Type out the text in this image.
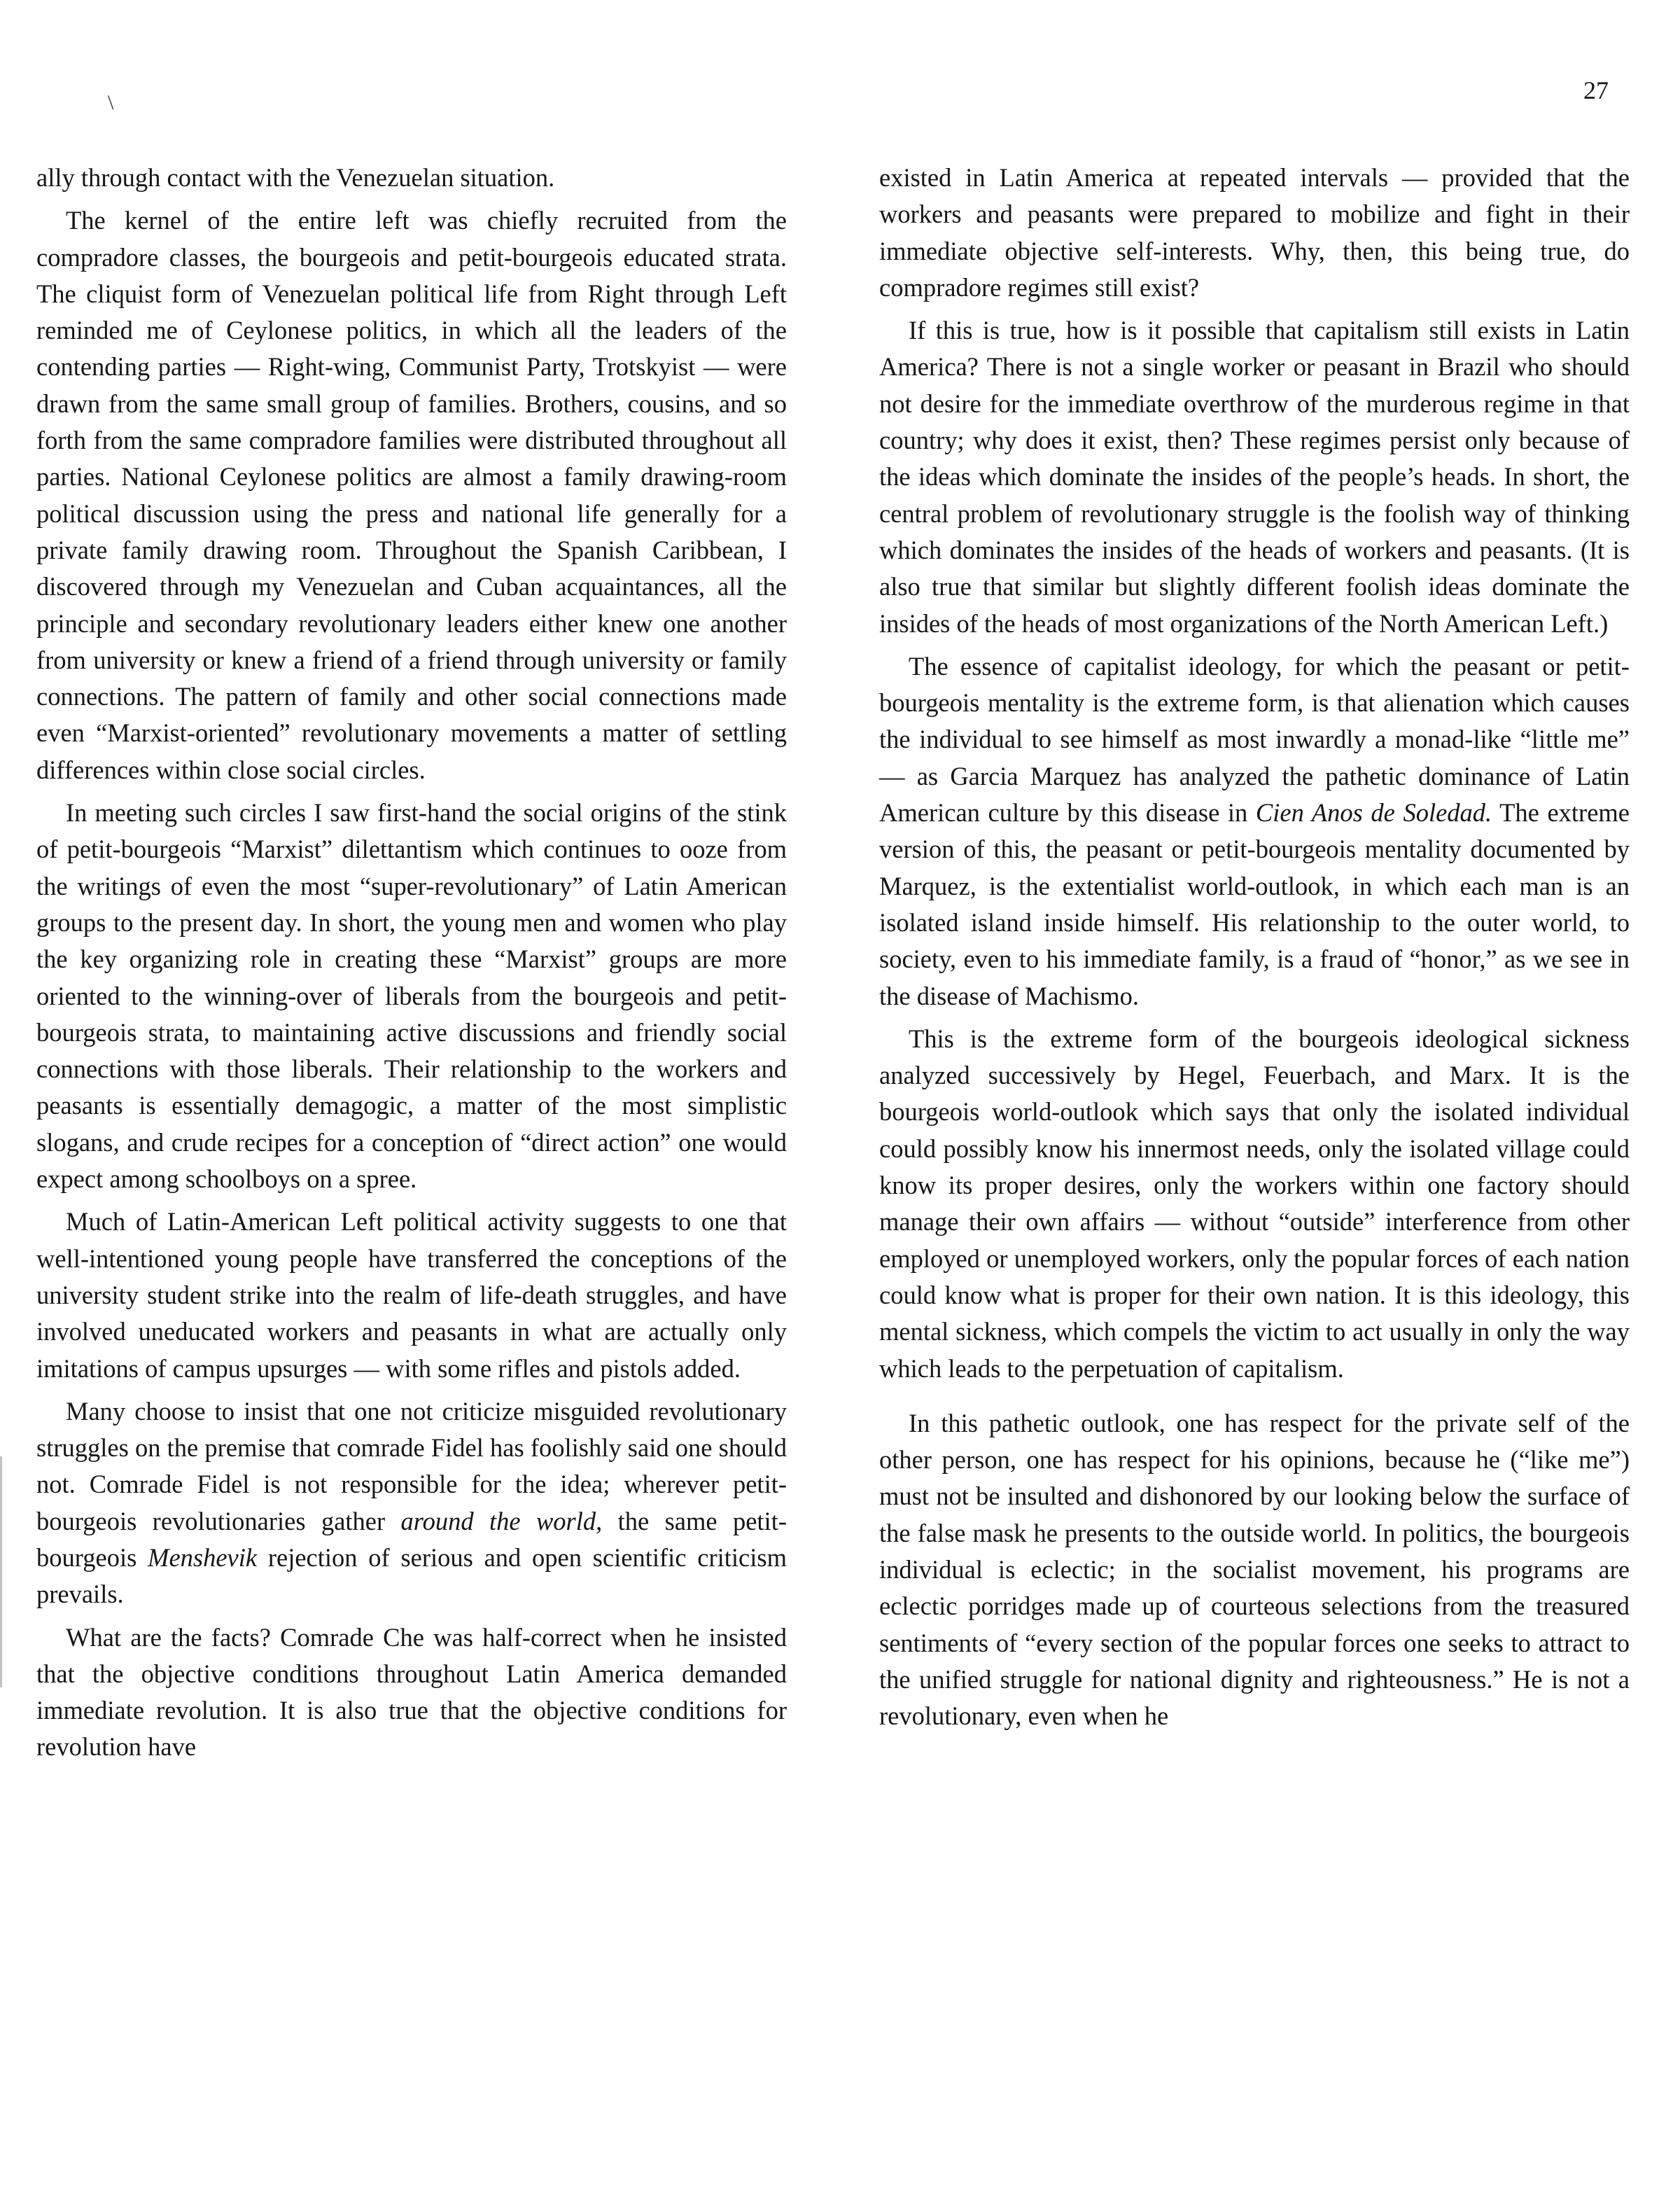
\	27

ally through contact with the Venezuelan situation.

The kernel of the entire left was chiefly recruited from the compradore classes, the bourgeois and petit-bourgeois educated strata. The cliquist form of Venezuelan political life from Right through Left reminded me of Ceylonese politics, in which all the leaders of the contending parties — Right-wing, Communist Party, Trotskyist — were drawn from the same small group of families. Brothers, cousins, and so forth from the same compradore families were distributed throughout all parties. National Ceylonese politics are almost a family drawing-room political discussion using the press and national life generally for a private family drawing room. Throughout the Spanish Caribbean, I discovered through my Venezuelan and Cuban acquaintances, all the principle and secondary revolutionary leaders either knew one another from university or knew a friend of a friend through university or family connections. The pattern of family and other social connections made even “Marxist-oriented” revolutionary movements a matter of settling differences within close social circles.

In meeting such circles I saw first-hand the social origins of the stink of petit-bourgeois “Marxist” dilettantism which continues to ooze from the writings of even the most “super-revolutionary” of Latin American groups to the present day. In short, the young men and women who play the key organizing role in creating these “Marxist” groups are more oriented to the winning-over of liberals from the bourgeois and petit-bourgeois strata, to maintaining active discussions and friendly social connections with those liberals. Their relationship to the workers and peasants is essentially demagogic, a matter of the most simplistic slogans, and crude recipes for a conception of “direct action” one would expect among schoolboys on a spree.

Much of Latin-American Left political activity suggests to one that well-intentioned young people have transferred the conceptions of the university student strike into the realm of life-death struggles, and have involved uneducated workers and peasants in what are actually only imitations of campus upsurges — with some rifles and pistols added.

Many choose to insist that one not criticize misguided revolutionary struggles on the premise that comrade Fidel has foolishly said one should not. Comrade Fidel is not responsible for the idea; wherever petit-bourgeois revolutionaries gather around the world, the same petit-bourgeois Menshevik rejection of serious and open scientific criticism prevails.

What are the facts? Comrade Che was half-correct when he insisted that the objective conditions throughout Latin America demanded immediate revolution. It is also true that the objective conditions for revolution have

existed in Latin America at repeated intervals — provided that the workers and peasants were prepared to mobilize and fight in their immediate objective self-interests. Why, then, this being true, do compradore regimes still exist?

If this is true, how is it possible that capitalism still exists in Latin America? There is not a single worker or peasant in Brazil who should not desire for the immediate overthrow of the murderous regime in that country; why does it exist, then? These regimes persist only because of the ideas which dominate the insides of the people’s heads. In short, the central problem of revolutionary struggle is the foolish way of thinking which dominates the insides of the heads of workers and peasants. (It is also true that similar but slightly different foolish ideas dominate the insides of the heads of most organizations of the North American Left.)

The essence of capitalist ideology, for which the peasant or petit-bourgeois mentality is the extreme form, is that alienation which causes the individual to see himself as most inwardly a monad-like “little me” — as Garcia Marquez has analyzed the pathetic dominance of Latin American culture by this disease in Cien Anos de Soledad. The extreme version of this, the peasant or petit-bourgeois mentality documented by Marquez, is the extentialist world-outlook, in which each man is an isolated island inside himself. His relationship to the outer world, to society, even to his immediate family, is a fraud of “honor,” as we see in the disease of Machismo.

This is the extreme form of the bourgeois ideological sickness analyzed successively by Hegel, Feuerbach, and Marx. It is the bourgeois world-outlook which says that only the isolated individual could possibly know his innermost needs, only the isolated village could know its proper desires, only the workers within one factory should manage their own affairs — without “outside” interference from other employed or unemployed workers, only the popular forces of each nation could know what is proper for their own nation. It is this ideology, this mental sickness, which compels the victim to act usually in only the way which leads to the perpetuation of capitalism.

In this pathetic outlook, one has respect for the private self of the other person, one has respect for his opinions, because he (“like me”) must not be insulted and dishonored by our looking below the surface of the false mask he presents to the outside world. In politics, the bourgeois individual is eclectic; in the socialist movement, his programs are eclectic porridges made up of courteous selections from the treasured sentiments of “every section of the popular forces one seeks to attract to the unified struggle for national dignity and righteousness.” He is not a revolutionary, even when he
